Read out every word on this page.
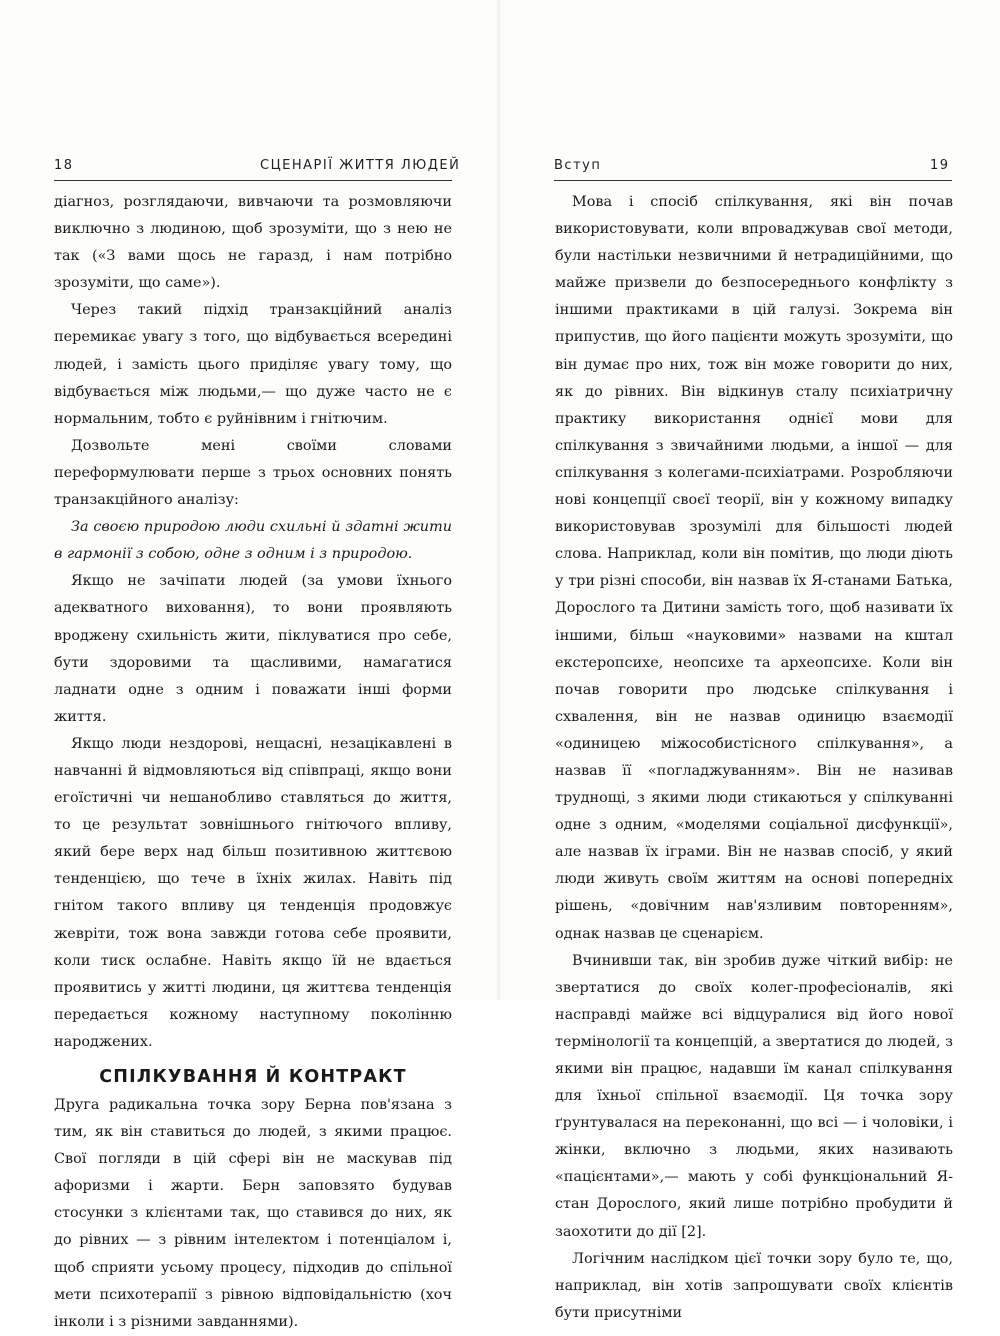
18	СЦЕНАРІЇ ЖИТТЯ ЛЮДЕЙ

діагноз, розглядаючи, вивчаючи та розмовляючи виключно з людиною, щоб зрозуміти, що з нею не так («З вами щось не гаразд, і нам потрібно зрозуміти, що саме»).

Через такий підхід транзакційний аналіз перемикає увагу з того, що відбувається всередині людей, і замість цього приділяє увагу тому, що відбувається між людьми,— що дуже часто не є нормальним, тобто є руйнівним і гнітючим.

Дозвольте мені своїми словами переформулювати перше з трьох основних понять транзакційного аналізу:

За своєю природою люди схильні й здатні жити в гармонії з собою, одне з одним і з природою.

Якщо не зачіпати людей (за умови їхнього адекватного виховання), то вони проявляють вроджену схильність жити, піклуватися про себе, бути здоровими та щасливими, намагатися ладнати одне з одним і поважати інші форми життя.

Якщо люди нездорові, нещасні, незацікавлені в навчанні й відмовляються від співпраці, якщо вони егоїстичні чи нешанобливо ставляться до життя, то це результат зовнішнього гнітючого впливу, який бере верх над більш позитивною життєвою тенденцією, що тече в їхніх жилах. Навіть під гнітом такого впливу ця тенденція продовжує жевріти, тож вона завжди готова себе проявити, коли тиск ослабне. Навіть якщо їй не вдається проявитись у житті людини, ця життєва тенденція передається кожному наступному поколінню народжених.

СПІЛКУВАННЯ Й КОНТРАКТ

Друга радикальна точка зору Берна пов'язана з тим, як він ставиться до людей, з якими працює. Свої погляди в цій сфері він не маскував під афоризми і жарти. Берн заповзято будував стосунки з клієнтами так, що ставився до них, як до рівних — з рівним інтелектом і потенціалом і, щоб сприяти усьому процесу, підходив до спільної мети психотерапії з рівною відповідальністю (хоч інколи і з різними завданнями).

Вступ	19

Мова і спосіб спілкування, які він почав використовувати, коли впроваджував свої методи, були настільки незвичними й нетрадиційними, що майже призвели до безпосереднього конфлікту з іншими практиками в цій галузі. Зокрема він припустив, що його пацієнти можуть зрозуміти, що він думає про них, тож він може говорити до них, як до рівних. Він відкинув сталу психіатричну практику використання однієї мови для спілкування з звичайними людьми, а іншої — для спілкування з колегами-психіатрами. Розробляючи нові концепції своєї теорії, він у кожному випадку використовував зрозумілі для більшості людей слова. Наприклад, коли він помітив, що люди діють у три різні способи, він назвав їх Я-станами Батька, Дорослого та Дитини замість того, щоб називати їх іншими, більш «науковими» назвами на кштал екстеропсихе, неопсихе та археопсихе. Коли він почав говорити про людське спілкування і схвалення, він не назвав одиницю взаємодії «одиницею міжособистісного спілкування», а назвав її «погладжуванням». Він не називав труднощі, з якими люди стикаються у спілкуванні одне з одним, «моделями соціальної дисфункції», але назвав їх іграми. Він не назвав спосіб, у який люди живуть своїм життям на основі попередніх рішень, «довічним нав'язливим повторенням», однак назвав це сценарієм.

Вчинивши так, він зробив дуже чіткий вибір: не звертатися до своїх колег-професіоналів, які насправді майже всі відцуралися від його нової термінології та концепцій, а звертатися до людей, з якими він працює, надавши їм канал спілкування для їхньої спільної взаємодії. Ця точка зору ґрунтувалася на переконанні, що всі — і чоловіки, і жінки, включно з людьми, яких називають «пацієнтами»,— мають у собі функціональний Я-стан Дорослого, який лише потрібно пробудити й заохотити до дії [2].

Логічним наслідком цієї точки зору було те, що, наприклад, він хотів запрошувати своїх клієнтів бути присутніми
